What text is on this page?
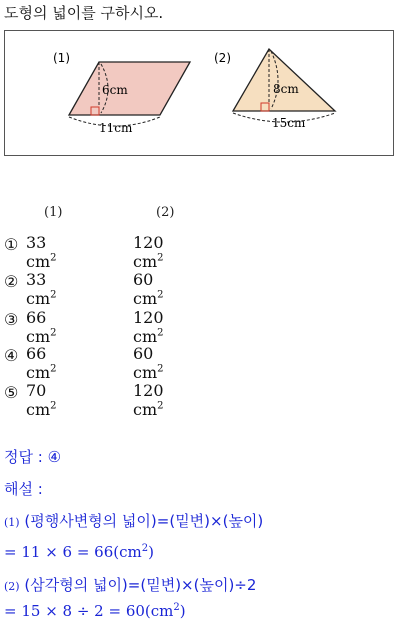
도형의 넓이를 구하시오.
(1)
6cm
11cm
(2)
8cm
15cm
(1)	(2)
① 33 $cm^2$
120 $cm^2$
② 33 $cm^2$
60 $cm^2$
③ 66 $cm^2$
120 $cm^2$
④ 66 $cm^2$
60 $cm^2$
⑤ 70 $cm^2$
120 $cm^2$
정답 : ④
해설 :
(1) (평행사변형의 넓이)=(밑변)×(높이)
= $11 \times 6 = 66(cm^2)$
(2) (삼각형의 넓이)=(밑변)×(높이)÷2
= $15 \times 8 \div 2 = 60(cm^2)$
